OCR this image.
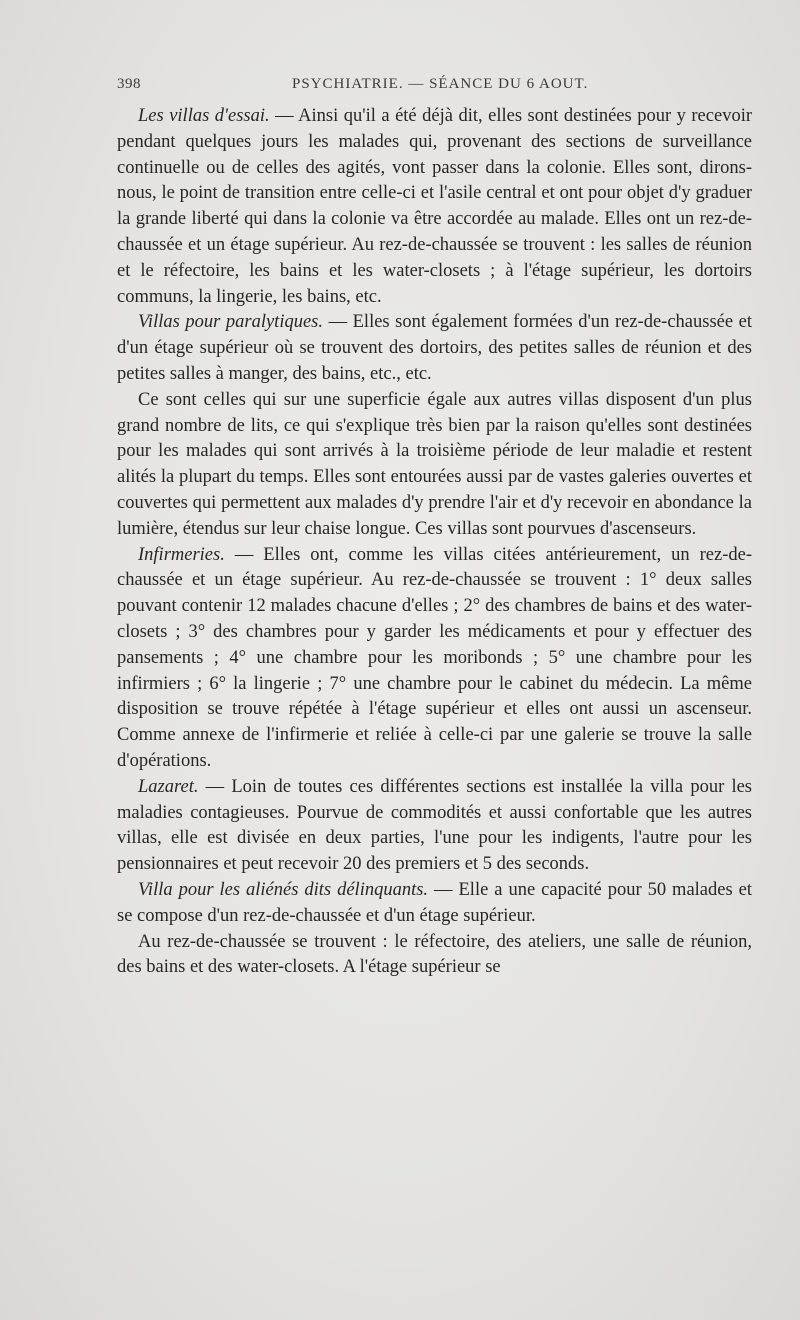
398	PSYCHIATRIE. — SÉANCE DU 6 AOUT.

Les villas d'essai. — Ainsi qu'il a été déjà dit, elles sont destinées pour y recevoir pendant quelques jours les malades qui, provenant des sections de surveillance continuelle ou de celles des agités, vont passer dans la colonie. Elles sont, dirons-nous, le point de transition entre celle-ci et l'asile central et ont pour objet d'y graduer la grande liberté qui dans la colonie va être accordée au malade. Elles ont un rez-de-chaussée et un étage supérieur. Au rez-de-chaussée se trouvent : les salles de réunion et le réfectoire, les bains et les water-closets ; à l'étage supérieur, les dortoirs communs, la lingerie, les bains, etc.

Villas pour paralytiques. — Elles sont également formées d'un rez-de-chaussée et d'un étage supérieur où se trouvent des dortoirs, des petites salles de réunion et des petites salles à manger, des bains, etc., etc.

Ce sont celles qui sur une superficie égale aux autres villas disposent d'un plus grand nombre de lits, ce qui s'explique très bien par la raison qu'elles sont destinées pour les malades qui sont arrivés à la troisième période de leur maladie et restent alités la plupart du temps. Elles sont entourées aussi par de vastes galeries ouvertes et couvertes qui permettent aux malades d'y prendre l'air et d'y recevoir en abondance la lumière, étendus sur leur chaise longue. Ces villas sont pourvues d'ascenseurs.

Infirmeries. — Elles ont, comme les villas citées antérieurement, un rez-de-chaussée et un étage supérieur. Au rez-de-chaussée se trouvent : 1° deux salles pouvant contenir 12 malades chacune d'elles ; 2° des chambres de bains et des water-closets ; 3° des chambres pour y garder les médicaments et pour y effectuer des pansements ; 4° une chambre pour les moribonds ; 5° une chambre pour les infirmiers ; 6° la lingerie ; 7° une chambre pour le cabinet du médecin. La même disposition se trouve répétée à l'étage supérieur et elles ont aussi un ascenseur. Comme annexe de l'infirmerie et reliée à celle-ci par une galerie se trouve la salle d'opérations.

Lazaret. — Loin de toutes ces différentes sections est installée la villa pour les maladies contagieuses. Pourvue de commodités et aussi confortable que les autres villas, elle est divisée en deux parties, l'une pour les indigents, l'autre pour les pensionnaires et peut recevoir 20 des premiers et 5 des seconds.

Villa pour les aliénés dits délinquants. — Elle a une capacité pour 50 malades et se compose d'un rez-de-chaussée et d'un étage supérieur.

Au rez-de-chaussée se trouvent : le réfectoire, des ateliers, une salle de réunion, des bains et des water-closets. A l'étage supérieur se
